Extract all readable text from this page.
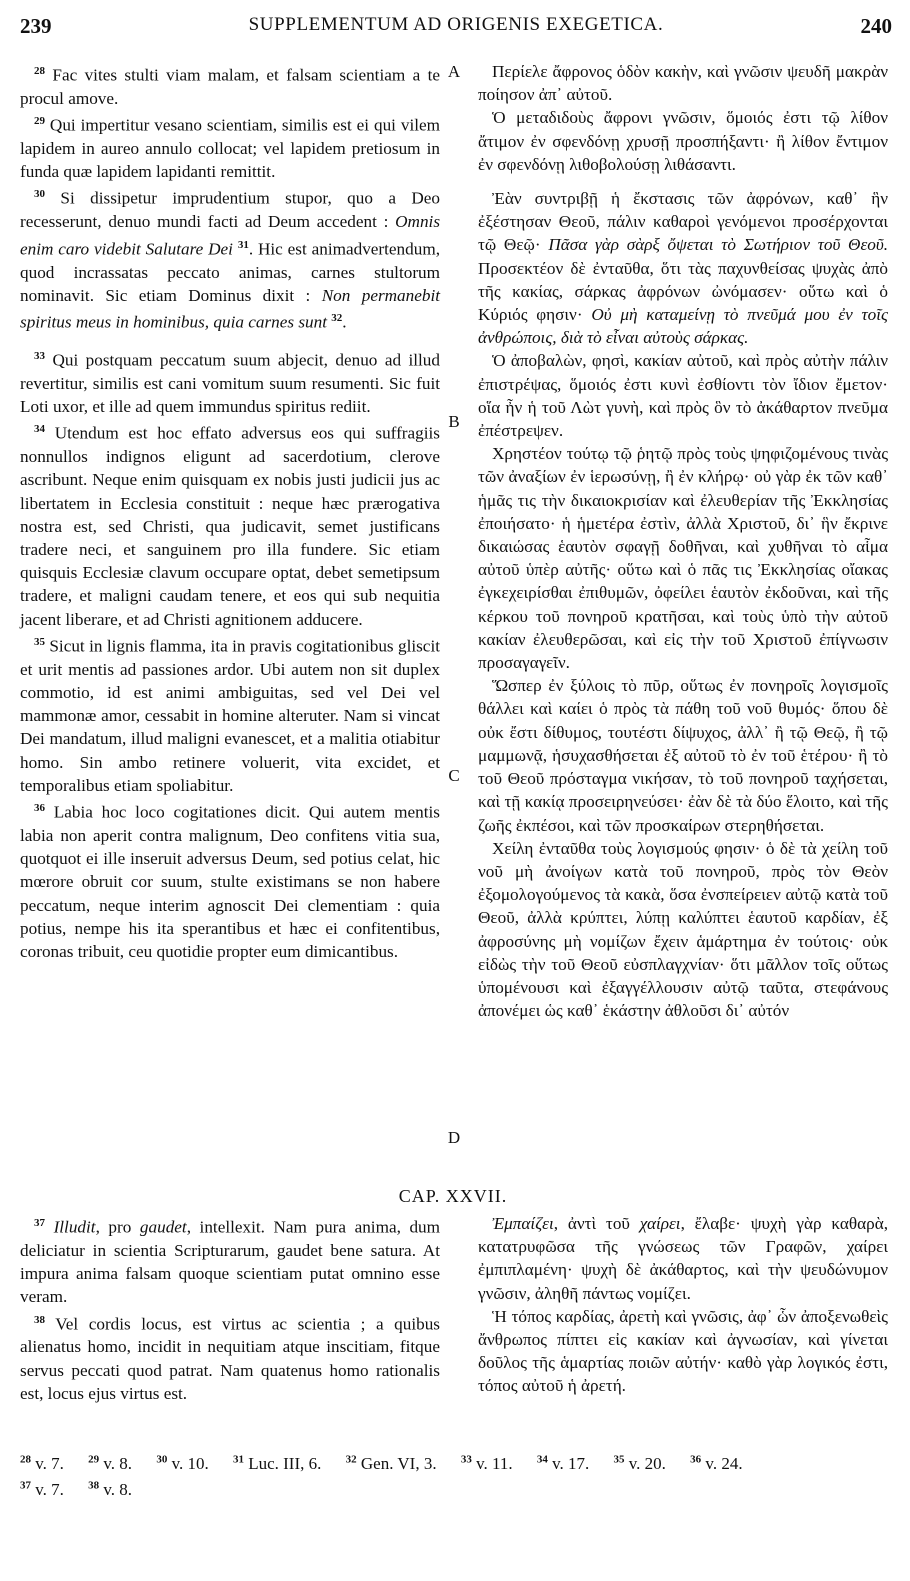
239	SUPPLEMENTUM AD ORIGENIS EXEGETICA.	240

$^{28}$ Fac vites stulti viam malam, et falsam scientiam a te procul amove.

$^{29}$ Qui impertitur vesano scientiam, similis est ei qui vilem lapidem in aureo annulo collocat; vel lapidem pretiosum in funda quæ lapidem lapidanti remittit.

$^{30}$ Si dissipetur imprudentium stupor, quo a Deo recesserunt, denuo mundi facti ad Deum accedent : Omnis enim caro videbit Salutare Dei $^{31}$. Hic est animadvertendum, quod incrassatas peccato animas, carnes stultorum nominavit. Sic etiam Dominus dixit : Non permanebit spiritus meus in hominibus, quia carnes sunt $^{32}$.

$^{33}$ Qui postquam peccatum suum abjecit, denuo ad illud revertitur, similis est cani vomitum suum resumenti. Sic fuit Loti uxor, et ille ad quem immundus spiritus rediit.

$^{34}$ Utendum est hoc effato adversus eos qui suffragiis nonnullos indignos eligunt ad sacerdotium, clerove ascribunt. Neque enim quisquam ex nobis justi judicii jus ac libertatem in Ecclesia constituit : neque hæc prærogativa nostra est, sed Christi, qua judicavit, semet justificans tradere neci, et sanguinem pro illa fundere. Sic etiam quisquis Ecclesiæ clavum occupare optat, debet semetipsum tradere, et maligni caudam tenere, et eos qui sub nequitia jacent liberare, et ad Christi agnitionem adducere.

$^{35}$ Sicut in lignis flamma, ita in pravis cogitationibus gliscit et urit mentis ad passiones ardor. Ubi autem non sit duplex commotio, id est animi ambiguitas, sed vel Dei vel mammonæ amor, cessabit in homine alteruter. Nam si vincat Dei mandatum, illud maligni evanescet, et a malitia otiabitur homo. Sin ambo retinere voluerit, vita excidet, et temporalibus etiam spoliabitur.

$^{36}$ Labia hoc loco cogitationes dicit. Qui autem mentis labia non aperit contra malignum, Deo confitens vitia sua, quotquot ei ille inseruit adversus Deum, sed potius celat, hic mœrore obruit cor suum, stulte existimans se non habere peccatum, neque interim agnoscit Dei clementiam : quia potius, nempe his ita sperantibus et hæc ei confitentibus, coronas tribuit, ceu quotidie propter eum dimicantibus.

CAP. XXVII.

$^{37}$ Illudit, pro gaudet, intellexit. Nam pura anima, dum deliciatur in scientia Scripturarum, gaudet bene satura. At impura anima falsam quoque scientiam putat omnino esse veram.

$^{38}$ Vel cordis locus, est virtus ac scientia ; a quibus alienatus homo, incidit in nequitiam atque inscitiam, fitque servus peccati quod patrat. Nam quatenus homo rationalis est, locus ejus virtus est.

A
B
C
D

Περίελε ἄφρονος ὁδὸν κακὴν, καὶ γνῶσιν ψευδῆ μακρὰν ποίησον ἀπ᾿ αὐτοῦ.

Ὁ μεταδιδοὺς ἄφρονι γνῶσιν, ὅμοιός ἐστι τῷ λίθον ἄτιμον ἐν σφενδόνῃ χρυσῇ προσπήξαντι· ἢ λίθον ἔντιμον ἐν σφενδόνῃ λιθοβολούσῃ λιθάσαντι.

Ἐὰν συντριβῇ ἡ ἔκστασις τῶν ἀφρόνων, καθ᾿ ἣν ἐξέστησαν Θεοῦ, πάλιν καθαροὶ γενόμενοι προσέρχονται τῷ Θεῷ· Πᾶσα γὰρ σὰρξ ὄψεται τὸ Σωτήριον τοῦ Θεοῦ. Προσεκτέον δὲ ἐνταῦθα, ὅτι τὰς παχυνθείσας ψυχὰς ἀπὸ τῆς κακίας, σάρκας ἀφρόνων ὠνόμασεν· οὕτω καὶ ὁ Κύριός φησιν· Οὐ μὴ καταμείνῃ τὸ πνεῦμά μου ἐν τοῖς ἀνθρώποις, διὰ τὸ εἶναι αὐτοὺς σάρκας.

Ὁ ἀποβαλὼν, φησὶ, κακίαν αὐτοῦ, καὶ πρὸς αὐτὴν πάλιν ἐπιστρέψας, ὅμοιός ἐστι κυνὶ ἐσθίοντι τὸν ἴδιον ἔμετον· οἵα ἦν ἡ τοῦ Λὼτ γυνὴ, καὶ πρὸς ὃν τὸ ἀκάθαρτον πνεῦμα ἐπέστρεψεν.

Χρηστέον τούτῳ τῷ ῥητῷ πρὸς τοὺς ψηφιζομένους τινὰς τῶν ἀναξίων ἐν ἱερωσύνῃ, ἢ ἐν κλήρῳ· οὐ γὰρ ἐκ τῶν καθ᾿ ἡμᾶς τις τὴν δικαιοκρισίαν καὶ ἐλευθερίαν τῆς Ἐκκλησίας ἐποιήσατο· ἡ ἡμετέρα ἐστὶν, ἀλλὰ Χριστοῦ, δι᾿ ἣν ἔκρινε δικαιώσας ἑαυτὸν σφαγῇ δοθῆναι, καὶ χυθῆναι τὸ αἷμα αὐτοῦ ὑπὲρ αὐτῆς· οὕτω καὶ ὁ πᾶς τις Ἐκκλησίας οἴακας ἐγκεχειρίσθαι ἐπιθυμῶν, ὀφείλει ἑαυτὸν ἐκδοῦναι, καὶ τῆς κέρκου τοῦ πονηροῦ κρατῆσαι, καὶ τοὺς ὑπὸ τὴν αὐτοῦ κακίαν ἐλευθερῶσαι, καὶ εἰς τὴν τοῦ Χριστοῦ ἐπίγνωσιν προσαγαγεῖν.

Ὥσπερ ἐν ξύλοις τὸ πῦρ, οὕτως ἐν πονηροῖς λογισμοῖς θάλλει καὶ καίει ὁ πρὸς τὰ πάθη τοῦ νοῦ θυμός· ὅπου δὲ οὐκ ἔστι δίθυμος, τουτέστι δίψυχος, ἀλλ᾿ ἢ τῷ Θεῷ, ἢ τῷ μαμμωνᾷ, ἡσυχασθήσεται ἐξ αὐτοῦ τὸ ἐν τοῦ ἑτέρου· ἢ τὸ τοῦ Θεοῦ πρόσταγμα νικήσαν, τὸ τοῦ πονηροῦ ταχήσεται, καὶ τῇ κακίᾳ προσειρηνεύσει· ἐὰν δὲ τὰ δύο ἕλοιτο, καὶ τῆς ζωῆς ἐκπέσοι, καὶ τῶν προσκαίρων στερηθήσεται.

Χείλη ἐνταῦθα τοὺς λογισμούς φησιν· ὁ δὲ τὰ χείλη τοῦ νοῦ μὴ ἀνοίγων κατὰ τοῦ πονηροῦ, πρὸς τὸν Θεὸν ἐξομολογούμενος τὰ κακὰ, ὅσα ἐνσπείρειεν αὐτῷ κατὰ τοῦ Θεοῦ, ἀλλὰ κρύπτει, λύπῃ καλύπτει ἑαυτοῦ καρδίαν, ἐξ ἀφροσύνης μὴ νομίζων ἔχειν ἁμάρτημα ἐν τούτοις· οὐκ εἰδὼς τὴν τοῦ Θεοῦ εὐσπλαγχνίαν· ὅτι μᾶλλον τοῖς οὕτως ὑπομένουσι καὶ ἐξαγγέλλουσιν αὐτῷ ταῦτα, στεφάνους ἀπονέμει ὡς καθ᾿ ἑκάστην ἀθλοῦσι δι᾿ αὐτόν

Ἐμπαίζει, ἀντὶ τοῦ χαίρει, ἔλαβε· ψυχὴ γὰρ καθαρὰ, κατατρυφῶσα τῆς γνώσεως τῶν Γραφῶν, χαίρει ἐμπιπλαμένη· ψυχὴ δὲ ἀκάθαρτος, καὶ τὴν ψευδώνυμον γνῶσιν, ἀληθῆ πάντως νομίζει.

Ἡ τόπος καρδίας, ἀρετὴ καὶ γνῶσις, ἀφ᾿ ὧν ἀποξενωθεὶς ἄνθρωπος πίπτει εἰς κακίαν καὶ ἀγνωσίαν, καὶ γίνεται δοῦλος τῆς ἁμαρτίας ποιῶν αὐτήν· καθὸ γὰρ λογικός ἐστι, τόπος αὐτοῦ ἡ ἀρετή.

$^{28}$ v. 7. $^{29}$ v. 8. $^{30}$ v. 10. $^{31}$ Luc. III, 6. $^{32}$ Gen. VI, 3. $^{33}$ v. 11. $^{34}$ v. 17. $^{35}$ v. 20. $^{36}$ v. 24.
$^{37}$ v. 7. $^{38}$ v. 8.
